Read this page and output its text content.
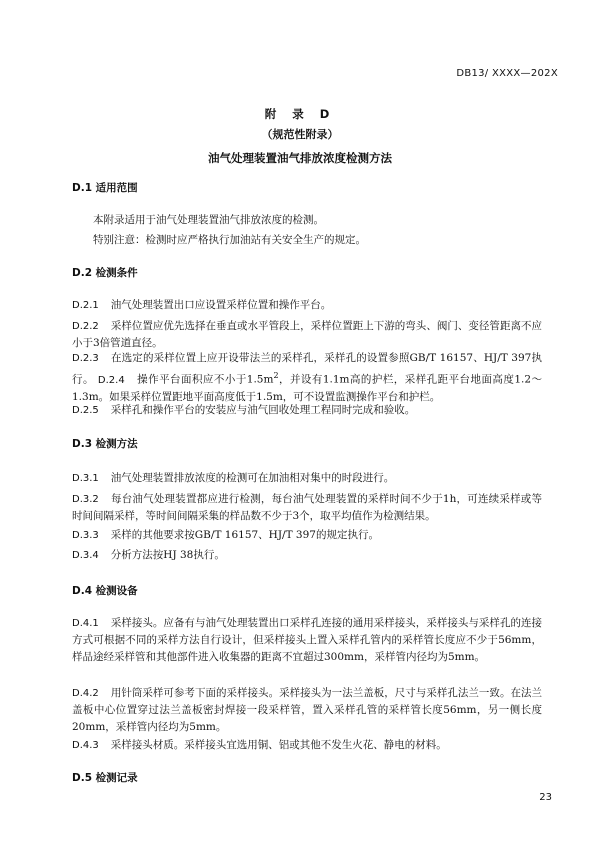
DB13/ XXXX—202X
附 录 D
（规范性附录）
油气处理装置油气排放浓度检测方法
D.1 适用范围
本附录适用于油气处理装置油气排放浓度的检测。
特别注意：检测时应严格执行加油站有关安全生产的规定。
D.2 检测条件
D.2.1 油气处理装置出口应设置采样位置和操作平台。
D.2.2 采样位置应优先选择在垂直或水平管段上，采样位置距上下游的弯头、阀门、变径管距离不应小于3倍管道直径。
D.2.3 在选定的采样位置上应开设带法兰的采样孔，采样孔的设置参照GB/T 16157、HJ/T 397执行。 D.2.4 操作平台面积应不小于$1.5m^2$，并设有1.1m高的护栏，采样孔距平台地面高度1.2～1.3m。如果采样位置距地平面高度低于1.5m，可不设置监测操作平台和护栏。
D.2.5 采样孔和操作平台的安装应与油气回收处理工程同时完成和验收。
D.3 检测方法
D.3.1 油气处理装置排放浓度的检测可在加油相对集中的时段进行。
D.3.2 每台油气处理装置都应进行检测，每台油气处理装置的采样时间不少于1h，可连续采样或等时间间隔采样，等时间间隔采集的样品数不少于3个，取平均值作为检测结果。
D.3.3 采样的其他要求按GB/T 16157、HJ/T 397的规定执行。
D.3.4 分析方法按HJ 38执行。
D.4 检测设备
D.4.1 采样接头。应备有与油气处理装置出口采样孔连接的通用采样接头，采样接头与采样孔的连接方式可根据不同的采样方法自行设计，但采样接头上置入采样孔管内的采样管长度应不少于56mm，样品途经采样管和其他部件进入收集器的距离不宜超过300mm，采样管内径均为5mm。
D.4.2 用针筒采样可参考下面的采样接头。采样接头为一法兰盖板，尺寸与采样孔法兰一致。在法兰盖板中心位置穿过法兰盖板密封焊接一段采样管，置入采样孔管的采样管长度56mm，另一侧长度20mm，采样管内径均为5mm。
D.4.3 采样接头材质。采样接头宜选用铜、铝或其他不发生火花、静电的材料。
D.5 检测记录
23
